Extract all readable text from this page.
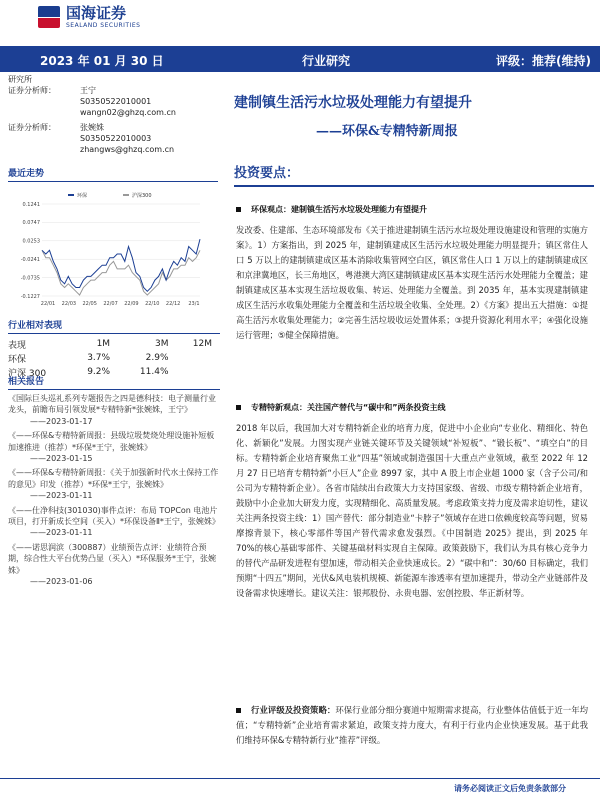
国海证券
SEALAND SECURITIES
2023 年 01 月 30 日	行业研究	评级：推荐(维持)
研究所
证券分析师：	王宁
S0350522010001
wangn02@ghzq.com.cn
证券分析师：	张婉姝
S0350522010003
zhangws@ghzq.com.cn
建制镇生活污水垃圾处理能力有望提升
——环保&专精特新周报
最近走势
环保	沪深300
0.1241
0.0747
0.0253
-0.0241
-0.0735
-0.1227
22/01 22/03 22/05 22/07 22/09 22/10 22/12 23/1
行业相对表现
表现	1M	3M	12M
环保	3.7%	2.9%	
沪深 300	9.2%	11.4%	
相关报告
《国际巨头巡礼系列专题报告之四是德科技：电子测量行业龙头，前瞻布局引领发展*专精特新*张婉姝，王宁》
——2023-01-17
《——环保&专精特新周报：县级垃圾焚烧处理设施补短板加速推进（推荐）*环保*王宁，张婉姝》
——2023-01-15
《——环保&专精特新周报：《关于加强新时代水土保持工作的意见》印发（推荐）*环保*王宁，张婉姝》
——2023-01-11
《——仕净科技(301030)事件点评：布局 TOPCon 电池片项目，打开新成长空间（买入）*环保设备Ⅱ*王宁，张婉姝》
——2023-01-11
《——诺思润滨（300887）业绩预告点评：业绩符合预期，综合性大平台优势凸显（买入）*环保服务*王宁，张婉姝》
——2023-01-06
投资要点：
环保观点：建制镇生活污水垃圾处理能力有望提升

发改委、住建部、生态环境部发布《关于推进建制镇生活污水垃圾处理设施建设和管理的实施方案》。1）方案指出，到 2025 年，建制镇建成区生活污水垃圾处理能力明显提升；镇区常住人口 5 万以上的建制镇建成区基本消除收集管网空白区，镇区常住人口 1 万以上的建制镇建成区和京津冀地区，长三角地区，粤港澳大湾区建制镇建成区基本实现生活污水处理能力全覆盖；建制镇建成区基本实现生活垃圾收集、转运、处理能力全覆盖。到 2035 年，基本实现建制镇建成区生活污水收集处理能力全覆盖和生活垃圾全收集、全处理。2）《方案》提出五大措施：①提高生活污水收集处理能力；②完善生活垃圾收运处置体系；③提升资源化利用水平；④强化设施运行管理；⑤健全保障措施。

专精特新观点：关注国产替代与“碳中和”两条投资主线

2018 年以后，我国加大对专精特新企业的培育力度，促进中小企业向“专业化、精细化、特色化、新颖化”发展。力图实现产业链关键环节及关键领域“补短板”、“锻长板”、“填空白”的目标。专精特新企业培育聚焦工业“四基”领域或制造强国十大重点产业领域，截至 2022 年 12 月 27 日已培育专精特新“小巨人”企业 8997 家，其中 A 股上市企业超 1000 家（含子公司/和公司为专精特新企业）。各省市陆续出台政策大力支持国家级、省级、市级专精特新企业培育，鼓励中小企业加大研发力度，实现精细化、高质量发展。考虑政策支持力度及需求迫切性，建议关注两条投资主线：1）国产替代：部分制造业“卡脖子”领域存在进口依赖度较高等问题，贸易摩擦背景下，核心零部件等国产替代需求愈发强烈。《中国制造 2025》提出，到 2025 年 70%的核心基础零部件、关键基础材料实现自主保障。政策鼓励下，我们认为具有核心竞争力的替代产品研发进程有望加速，带动相关企业快速成长。2）“碳中和”：30/60 目标确定，我们预期“十四五”期间，光伏&风电装机规模、新能源车渗透率有望加速提升，带动全产业链部件及设备需求快速增长。建议关注：银邦股份、永贵电器、宏创控股、华正新材等。

行业评级及投资策略：环保行业部分细分赛道中短期需求提高，行业整体估值低于近一年均值；“专精特新”企业培育需求紧迫，政策支持力度大，有利于行业内企业快速发展。基于此我们维持环保&专精特新行业“推荐”评级。

请务必阅读正文后免责条款部分
